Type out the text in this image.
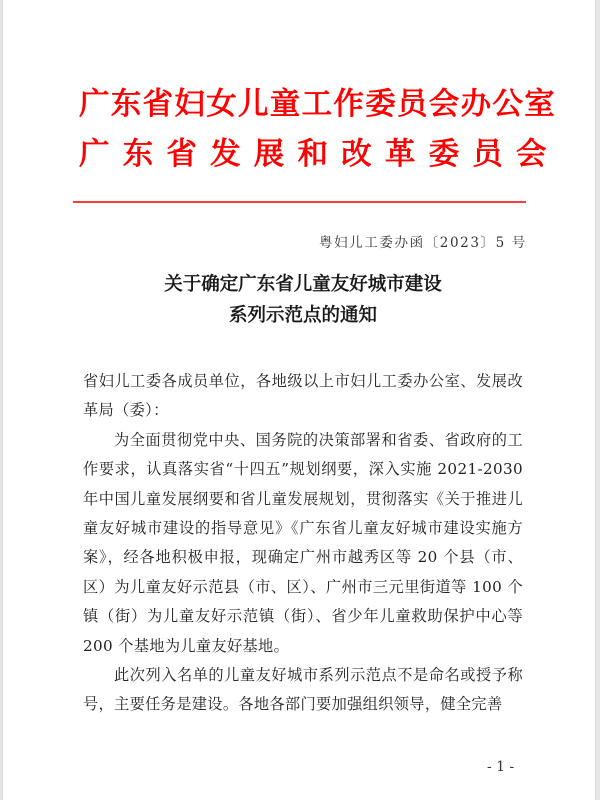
广东省妇女儿童工作委员会办公室
广东省发展和改革委员会
粤妇儿工委办函〔2023〕5 号
关于确定广东省儿童友好城市建设
系列示范点的通知

省妇儿工委各成员单位，各地级以上市妇儿工委办公室、发展改革局（委）：

为全面贯彻党中央、国务院的决策部署和省委、省政府的工作要求，认真落实省“十四五”规划纲要，深入实施 2021-2030 年中国儿童发展纲要和省儿童发展规划，贯彻落实《关于推进儿童友好城市建设的指导意见》《广东省儿童友好城市建设实施方案》，经各地积极申报，现确定广州市越秀区等 20 个县（市、区）为儿童友好示范县（市、区）、广州市三元里街道等 100 个镇（街）为儿童友好示范镇（街）、省少年儿童救助保护中心等 200 个基地为儿童友好基地。

此次列入名单的儿童友好城市系列示范点不是命名或授予称号，主要任务是建设。各地各部门要加强组织领导，健全完善

- 1 -
